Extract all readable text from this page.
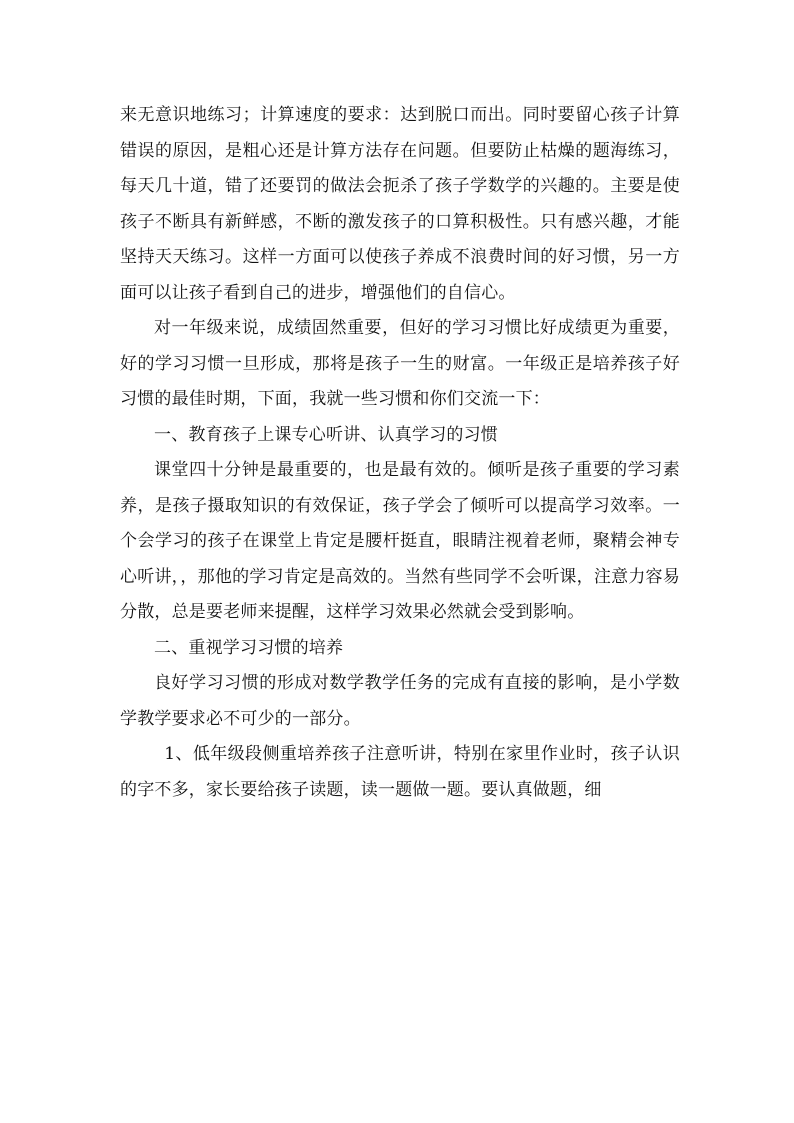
来无意识地练习；计算速度的要求：达到脱口而出。同时要留心孩子计算错误的原因，是粗心还是计算方法存在问题。但要防止枯燥的题海练习，每天几十道，错了还要罚的做法会扼杀了孩子学数学的兴趣的。主要是使孩子不断具有新鲜感，不断的激发孩子的口算积极性。只有感兴趣，才能坚持天天练习。这样一方面可以使孩子养成不浪费时间的好习惯，另一方面可以让孩子看到自己的进步，增强他们的自信心。

对一年级来说，成绩固然重要，但好的学习习惯比好成绩更为重要，好的学习习惯一旦形成，那将是孩子一生的财富。一年级正是培养孩子好习惯的最佳时期，下面，我就一些习惯和你们交流一下：

一、教育孩子上课专心听讲、认真学习的习惯

课堂四十分钟是最重要的，也是最有效的。倾听是孩子重要的学习素养，是孩子摄取知识的有效保证，孩子学会了倾听可以提高学习效率。一个会学习的孩子在课堂上肯定是腰杆挺直，眼睛注视着老师，聚精会神专心听讲，，那他的学习肯定是高效的。当然有些同学不会听课，注意力容易分散，总是要老师来提醒，这样学习效果必然就会受到影响。

二、重视学习习惯的培养

良好学习习惯的形成对数学教学任务的完成有直接的影响，是小学数学教学要求必不可少的一部分。

1、低年级段侧重培养孩子注意听讲，特别在家里作业时，孩子认识的字不多，家长要给孩子读题，读一题做一题。要认真做题，细
